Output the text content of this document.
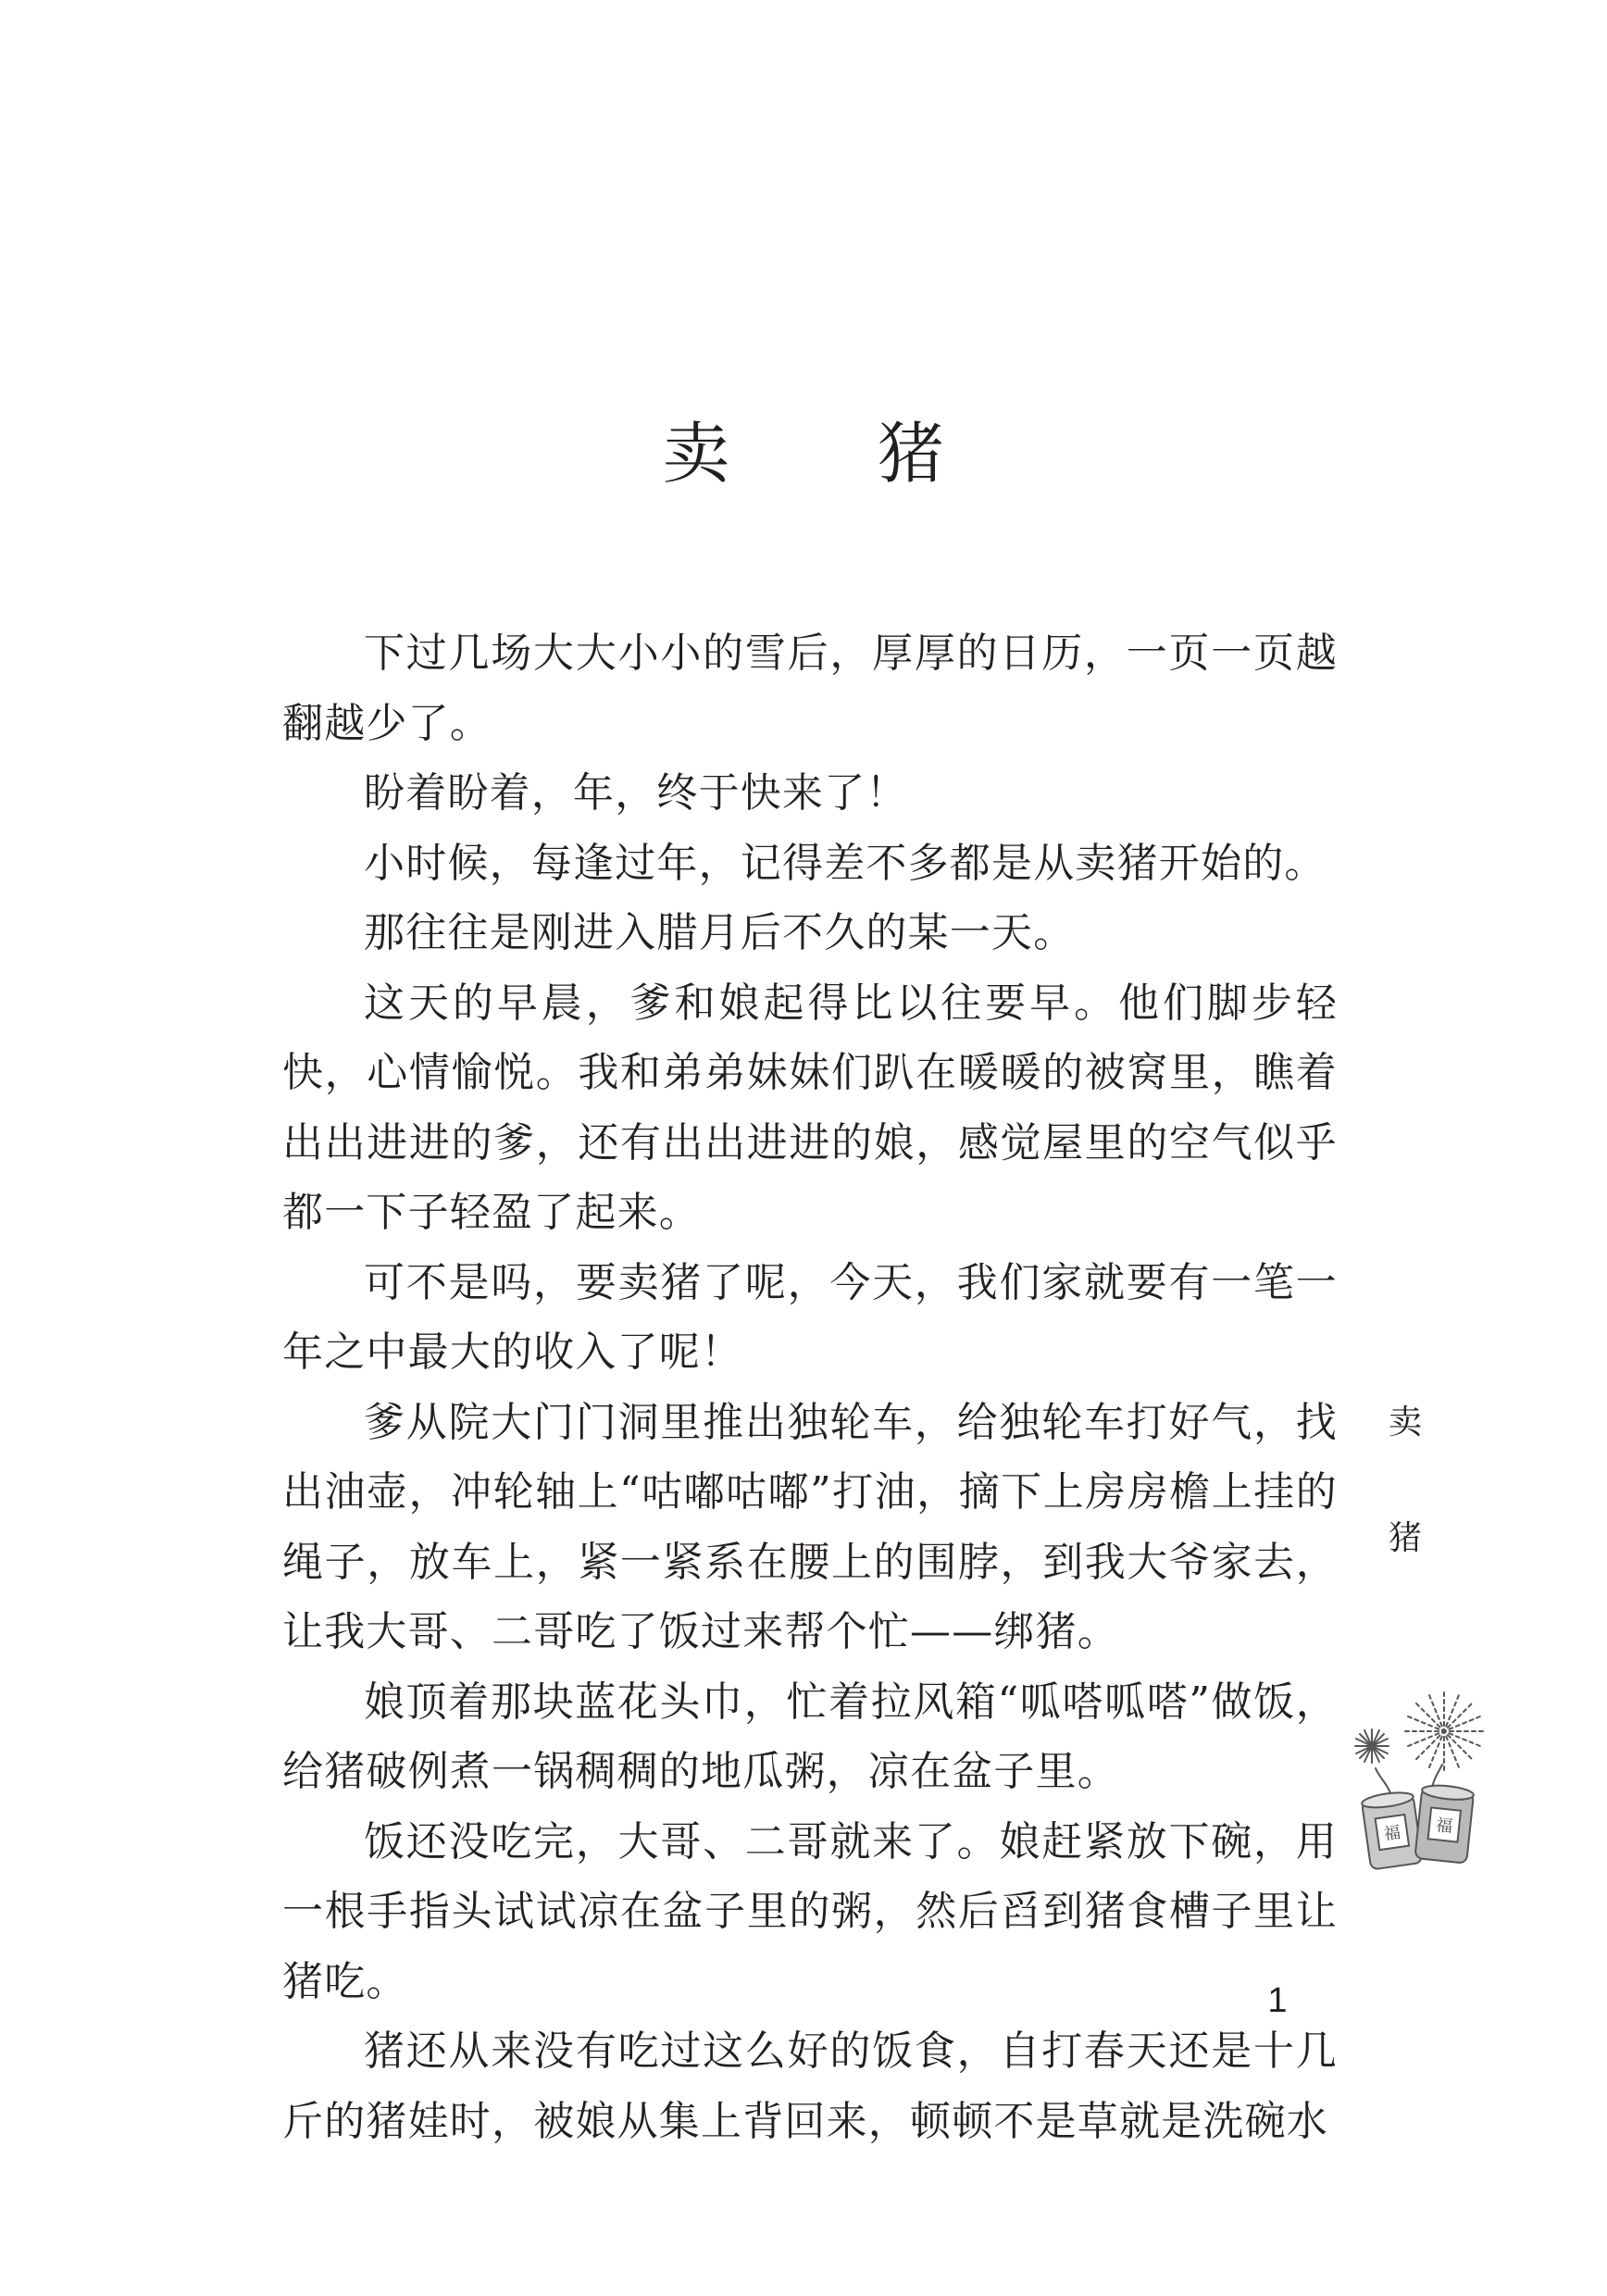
卖 猪

下过几场大大小小的雪后，厚厚的日历，一页一页越翻越少了。

盼着盼着，年，终于快来了！

小时候，每逢过年，记得差不多都是从卖猪开始的。

那往往是刚进入腊月后不久的某一天。

这天的早晨，爹和娘起得比以往要早。他们脚步轻快，心情愉悦。我和弟弟妹妹们趴在暖暖的被窝里，瞧着出出进进的爹，还有出出进进的娘，感觉屋里的空气似乎都一下子轻盈了起来。

可不是吗，要卖猪了呢，今天，我们家就要有一笔一年之中最大的收入了呢！

爹从院大门门洞里推出独轮车，给独轮车打好气，找出油壶，冲轮轴上“咕嘟咕嘟”打油，摘下上房房檐上挂的绳子，放车上，紧一紧系在腰上的围脖，到我大爷家去，让我大哥、二哥吃了饭过来帮个忙——绑猪。

娘顶着那块蓝花头巾，忙着拉风箱“呱嗒呱嗒”做饭，给猪破例煮一锅稠稠的地瓜粥，凉在盆子里。

饭还没吃完，大哥、二哥就来了。娘赶紧放下碗，用一根手指头试试凉在盆子里的粥，然后舀到猪食槽子里让猪吃。

猪还从来没有吃过这么好的饭食，自打春天还是十几斤的猪娃时，被娘从集上背回来，顿顿不是草就是洗碗水

卖
猪
福 福
1
